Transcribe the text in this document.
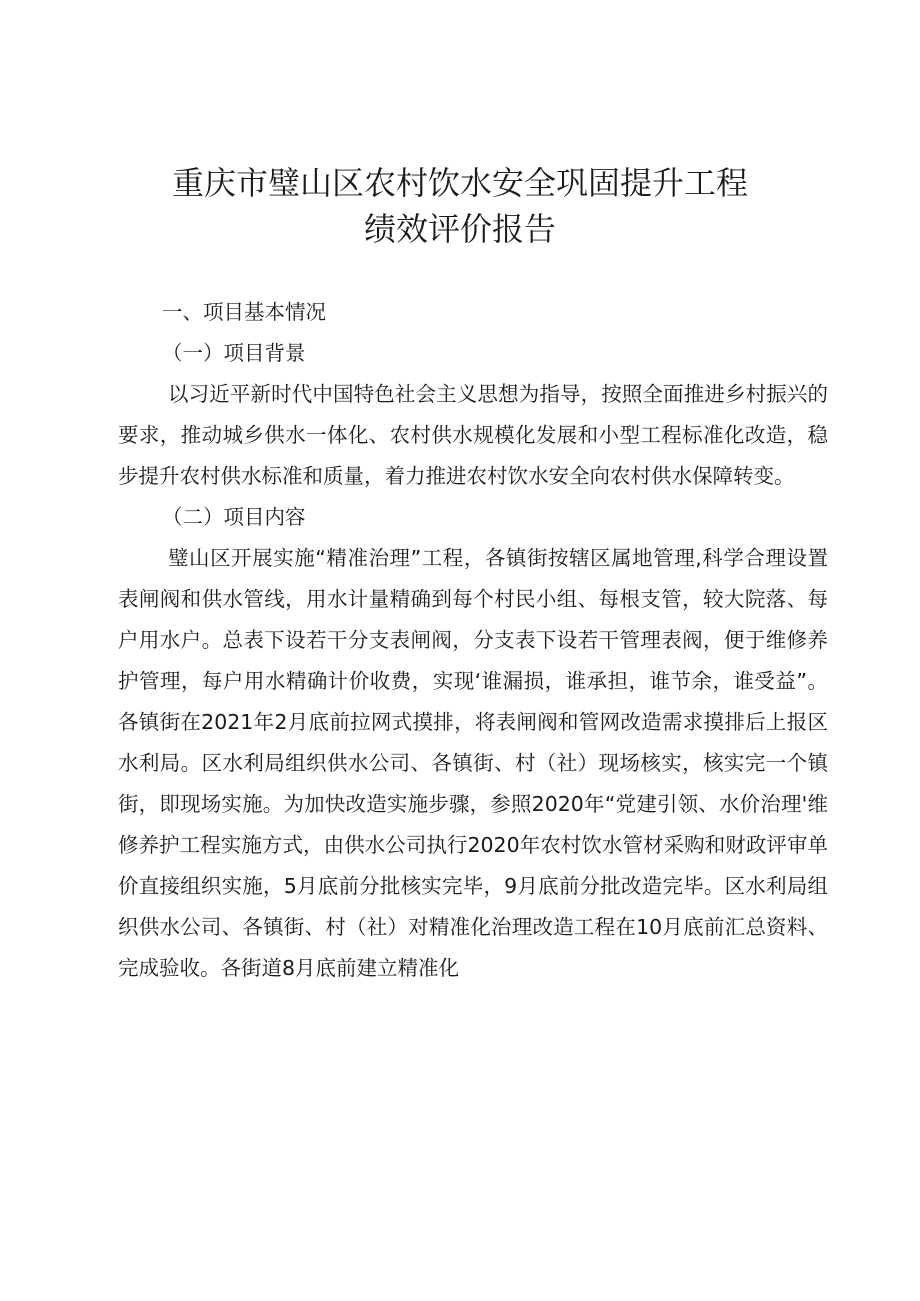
重庆市璧山区农村饮水安全巩固提升工程

绩效评价报告

一、项目基本情况

（一）项目背景

以习近平新时代中国特色社会主义思想为指导，按照全面推进乡村振兴的要求，推动城乡供水一体化、农村供水规模化发展和小型工程标准化改造，稳步提升农村供水标准和质量，着力推进农村饮水安全向农村供水保障转变。

（二）项目内容

璧山区开展实施“精准治理”工程，各镇街按辖区属地管理,科学合理设置表闸阀和供水管线，用水计量精确到每个村民小组、每根支管，较大院落、每户用水户。总表下设若干分支表闸阀，分支表下设若干管理表阀，便于维修养护管理，每户用水精确计价收费，实现‘谁漏损，谁承担，谁节余，谁受益”。各镇街在2021年2月底前拉网式摸排，将表闸阀和管网改造需求摸排后上报区水利局。区水利局组织供水公司、各镇街、村（社）现场核实，核实完一个镇街，即现场实施。为加快改造实施步骤，参照2020年“党建引领、水价治理'维修养护工程实施方式，由供水公司执行2020年农村饮水管材采购和财政评审单价直接组织实施，5月底前分批核实完毕，9月底前分批改造完毕。区水利局组织供水公司、各镇街、村（社）对精准化治理改造工程在10月底前汇总资料、完成验收。各街道8月底前建立精准化
